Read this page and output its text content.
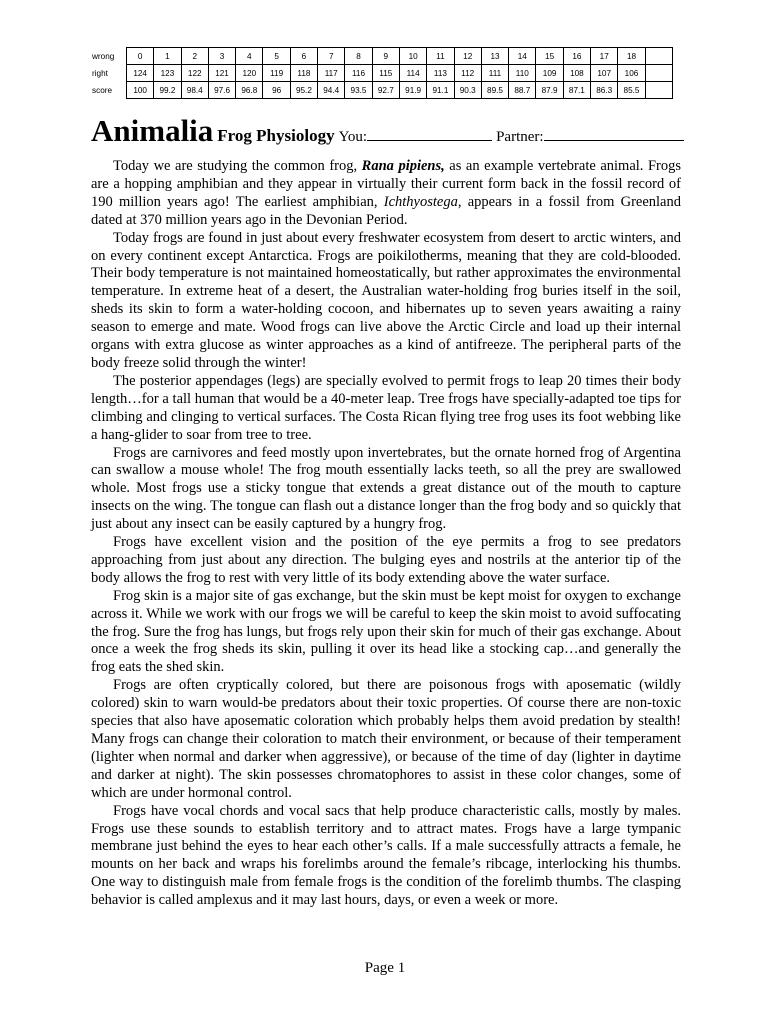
wrong	0	1	2	3	4	5	6	7	8	9	10	11	12	13	14	15	16	17	18	
right	124	123	122	121	120	119	118	117	116	115	114	113	112	111	110	109	108	107	106	
score	100	99.2	98.4	97.6	96.8	96	95.2	94.4	93.5	92.7	91.9	91.1	90.3	89.5	88.7	87.9	87.1	86.3	85.5	
Animalia Frog Physiology You:	Partner:

Today we are studying the common frog, Rana pipiens, as an example vertebrate animal. Frogs are a hopping amphibian and they appear in virtually their current form back in the fossil record of 190 million years ago! The earliest amphibian, Ichthyostega, appears in a fossil from Greenland dated at 370 million years ago in the Devonian Period.

Today frogs are found in just about every freshwater ecosystem from desert to arctic winters, and on every continent except Antarctica. Frogs are poikilotherms, meaning that they are cold-blooded. Their body temperature is not maintained homeostatically, but rather approximates the environmental temperature. In extreme heat of a desert, the Australian water-holding frog buries itself in the soil, sheds its skin to form a water-holding cocoon, and hibernates up to seven years awaiting a rainy season to emerge and mate. Wood frogs can live above the Arctic Circle and load up their internal organs with extra glucose as winter approaches as a kind of antifreeze. The peripheral parts of the body freeze solid through the winter!

The posterior appendages (legs) are specially evolved to permit frogs to leap 20 times their body length…for a tall human that would be a 40-meter leap. Tree frogs have specially-adapted toe tips for climbing and clinging to vertical surfaces. The Costa Rican flying tree frog uses its foot webbing like a hang-glider to soar from tree to tree.

Frogs are carnivores and feed mostly upon invertebrates, but the ornate horned frog of Argentina can swallow a mouse whole! The frog mouth essentially lacks teeth, so all the prey are swallowed whole. Most frogs use a sticky tongue that extends a great distance out of the mouth to capture insects on the wing. The tongue can flash out a distance longer than the frog body and so quickly that just about any insect can be easily captured by a hungry frog.

Frogs have excellent vision and the position of the eye permits a frog to see predators approaching from just about any direction. The bulging eyes and nostrils at the anterior tip of the body allows the frog to rest with very little of its body extending above the water surface.

Frog skin is a major site of gas exchange, but the skin must be kept moist for oxygen to exchange across it. While we work with our frogs we will be careful to keep the skin moist to avoid suffocating the frog. Sure the frog has lungs, but frogs rely upon their skin for much of their gas exchange. About once a week the frog sheds its skin, pulling it over its head like a stocking cap…and generally the frog eats the shed skin.

Frogs are often cryptically colored, but there are poisonous frogs with aposematic (wildly colored) skin to warn would-be predators about their toxic properties. Of course there are non-toxic species that also have aposematic coloration which probably helps them avoid predation by stealth! Many frogs can change their coloration to match their environment, or because of their temperament (lighter when normal and darker when aggressive), or because of the time of day (lighter in daytime and darker at night). The skin possesses chromatophores to assist in these color changes, some of which are under hormonal control.

Frogs have vocal chords and vocal sacs that help produce characteristic calls, mostly by males. Frogs use these sounds to establish territory and to attract mates. Frogs have a large tympanic membrane just behind the eyes to hear each other’s calls. If a male successfully attracts a female, he mounts on her back and wraps his forelimbs around the female’s ribcage, interlocking his thumbs. One way to distinguish male from female frogs is the condition of the forelimb thumbs. The clasping behavior is called amplexus and it may last hours, days, or even a week or more.

Page 1
